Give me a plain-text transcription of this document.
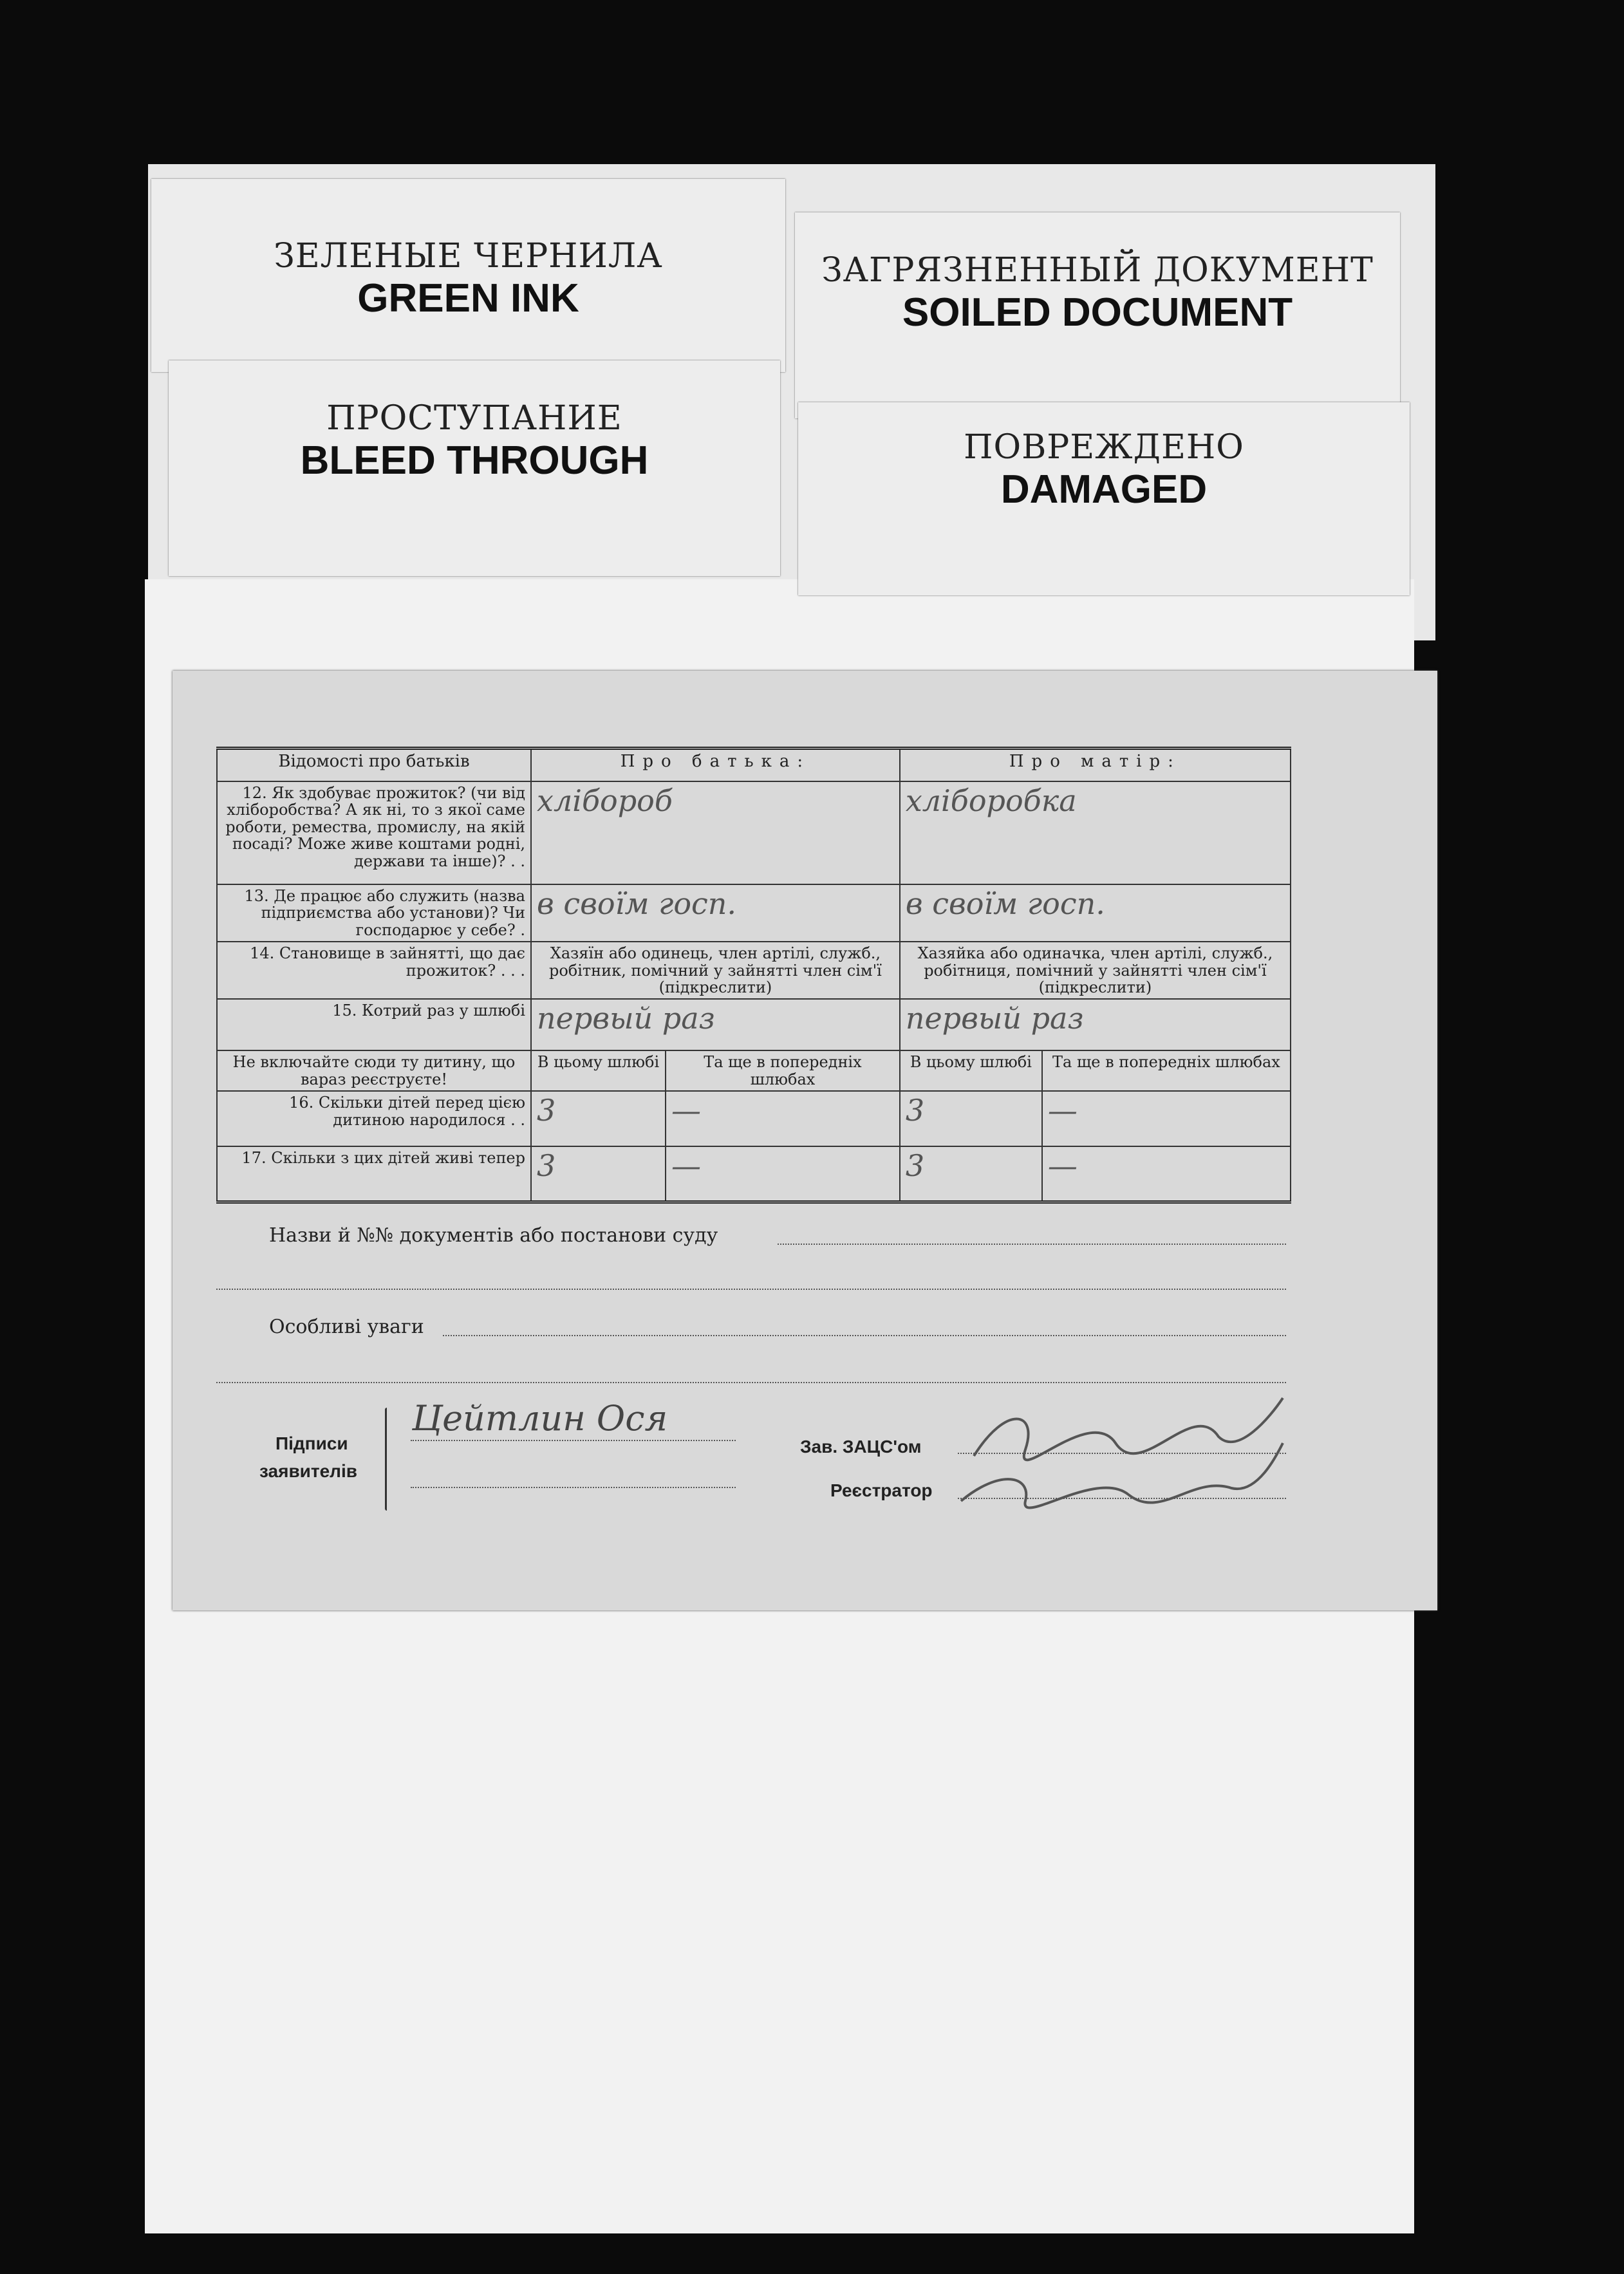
ЗЕЛЕНЫЕ ЧЕРНИЛА
GREEN INK
ЗАГРЯЗНЕННЫЙ ДОКУМЕНТ
SOILED DOCUMENT
ПРОСТУПАНИЕ
BLEED THROUGH	ПОВРЕЖДЕНО
DAMAGED
Відомості про батьків	Про батька:		Про матір:	
12. Як здобуває прожиток? (чи від хліборобства? А як ні, то з якої саме роботи, ремества, промислу, на якій посаді? Може живе коштами родні, держави та інше)? . .	хлібороб		хліборобка	
13. Де працює або служить (назва підприємства або установи)? Чи господарює у себе? .	в своїм госп.		в своїм госп.	
14. Становище в зайнятті, що дає прожиток? . . .	Хазяїн або одинець, член артілі, служб., робітник, помічний у зайнятті член сім'ї (підкреслити)		Хазяйка або одиначка, член артілі, служб., робітниця, помічний у зайнятті член сім'ї (підкреслити)	
15. Котрий раз у шлюбі	первый раз		первый раз	
Не включайте сюди ту дитину, що вараз реєструєте!	В цьому шлюбі	Та ще в попередніх шлюбах	В цьому шлюбі	Та ще в попередніх шлюбах
16. Скільки дітей перед цією дитиною народилося . .	3	—	3	—
17. Скільки з цих дітей живі тепер	3	—	3	—
Назви й №№ документів або постанови суду
Особливі уваги
Підписи
заявителів
Цейтлин Ося
Зав. ЗАЦС'ом
Реєстратор
